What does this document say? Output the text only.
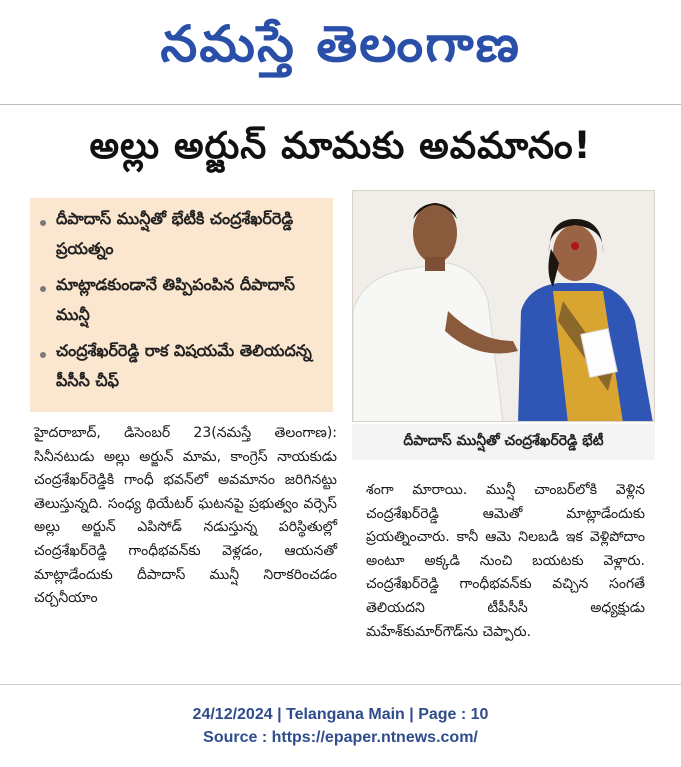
నమస్తే తెలంగాణ
అల్లు అర్జున్ మామకు అవమానం!
దీపాదాస్ మున్షీతో భేటీకి చంద్రశేఖర్‌రెడ్డి ప్రయత్నం
మాట్లాడకుండానే తిప్పిపంపిన దీపాదాస్ మున్షీ
చంద్రశేఖర్‌రెడ్డి రాక విషయమే తెలియదన్న పీసీసీ చీఫ్
దీపాదాస్ మున్షీతో చంద్రశేఖర్‌రెడ్డి భేటీ
హైదరాబాద్, డిసెంబర్ 23(నమస్తే తెలంగాణ): సినీనటుడు అల్లు అర్జున్ మామ, కాంగ్రెస్ నాయకుడు చంద్రశేఖర్‌రెడ్డికి గాంధీ భవన్‌లో అవమానం జరిగినట్టు తెలుస్తున్నది. సంధ్య థియేటర్ ఘటనపై ప్రభుత్వం వర్సెస్ అల్లు అర్జున్ ఎపిసోడ్ నడుస్తున్న పరిస్థితుల్లో చంద్రశేఖర్‌రెడ్డి గాంధీభవన్‌కు వెళ్లడం, ఆయనతో మాట్లాడేందుకు దీపాదాస్ మున్షీ నిరాకరించడం చర్చనీయాం
శంగా మారాయి. మున్షీ చాంబర్‌లోకి వెళ్లిన చంద్రశేఖర్‌రెడ్డి ఆమెతో మాట్లాడేందుకు ప్రయత్నించారు. కానీ ఆమె నిలబడి ఇక వెళ్లిపోదాం అంటూ అక్కడి నుంచి బయటకు వెళ్లారు. చంద్రశేఖర్‌రెడ్డి గాంధీభవన్‌కు వచ్చిన సంగతే తెలియదని టీపీసీసీ అధ్యక్షుడు మహేశ్‌కుమార్‌గౌడ్‌ను చెప్పారు.
24/12/2024 | Telangana Main | Page : 10
Source : https://epaper.ntnews.com/
